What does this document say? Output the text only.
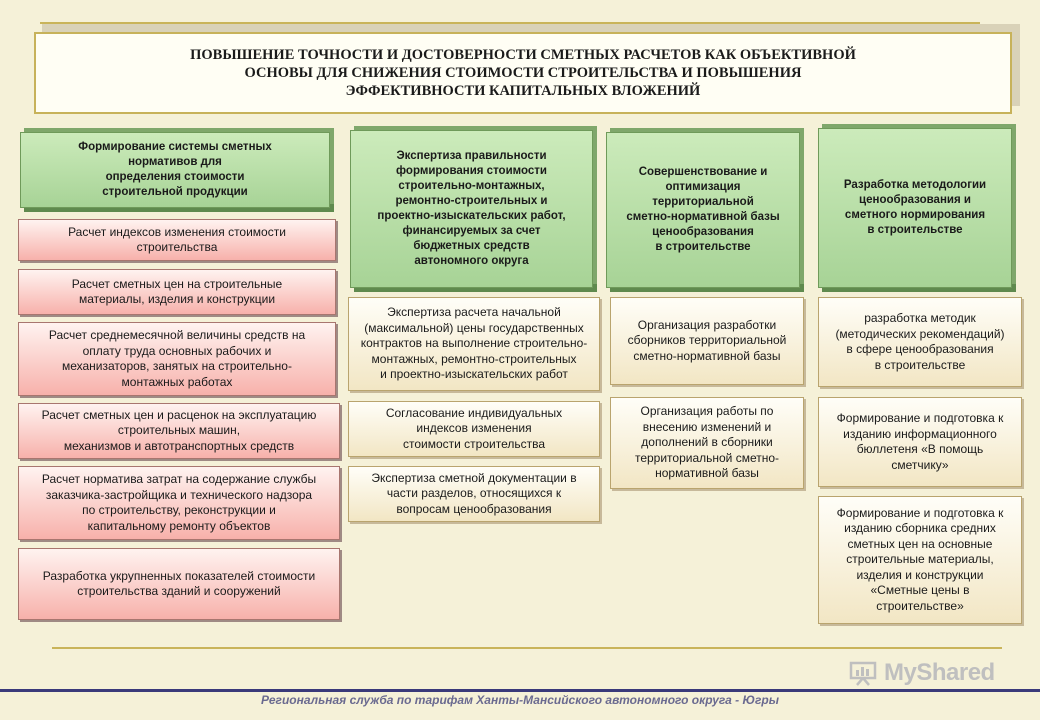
ПОВЫШЕНИЕ ТОЧНОСТИ И ДОСТОВЕРНОСТИ СМЕТНЫХ РАСЧЕТОВ КАК ОБЪЕКТИВНОЙ
ОСНОВЫ ДЛЯ СНИЖЕНИЯ СТОИМОСТИ СТРОИТЕЛЬСТВА И ПОВЫШЕНИЯ
ЭФФЕКТИВНОСТИ КАПИТАЛЬНЫХ ВЛОЖЕНИЙ
Формирование системы сметных
нормативов для
определения стоимости
строительной продукции
Расчет индексов изменения стоимости
строительства
Расчет сметных цен на строительные
материалы, изделия и конструкции
Расчет среднемесячной величины средств на
оплату труда основных рабочих и
механизаторов, занятых на строительно-
монтажных работах
Расчет сметных цен и расценок на эксплуатацию
строительных машин,
механизмов и автотранспортных средств
Расчет норматива затрат на содержание службы
заказчика-застройщика и технического надзора
по строительству, реконструкции и
капитальному ремонту объектов
Разработка укрупненных показателей стоимости
строительства зданий и сооружений
Экспертиза правильности
формирования стоимости
строительно-монтажных,
ремонтно-строительных и
проектно-изыскательских работ,
финансируемых за счет
бюджетных средств
автономного округа
Экспертиза расчета начальной
(максимальной) цены государственных
контрактов на выполнение строительно-
монтажных, ремонтно-строительных
и проектно-изыскательских работ
Согласование индивидуальных
индексов изменения
стоимости строительства
Экспертиза сметной документации в
части разделов, относящихся к
вопросам ценообразования
Совершенствование и
оптимизация
территориальной
сметно-нормативной базы
ценообразования
в строительстве
Организация разработки
сборников территориальной
сметно-нормативной базы
Организация работы по
внесению изменений и
дополнений в сборники
территориальной сметно-
нормативной базы
Разработка методологии
ценообразования и
сметного нормирования
в строительстве
разработка методик
(методических рекомендаций)
в сфере ценообразования
в строительстве
Формирование и подготовка к
изданию информационного
бюллетеня «В помощь
сметчику»
Формирование и подготовка к
изданию сборника средних
сметных цен на основные
строительные материалы,
изделия и конструкции
«Сметные цены в
строительстве»
MyShared
Региональная служба по тарифам Ханты-Мансийского автономного округа - Югры
